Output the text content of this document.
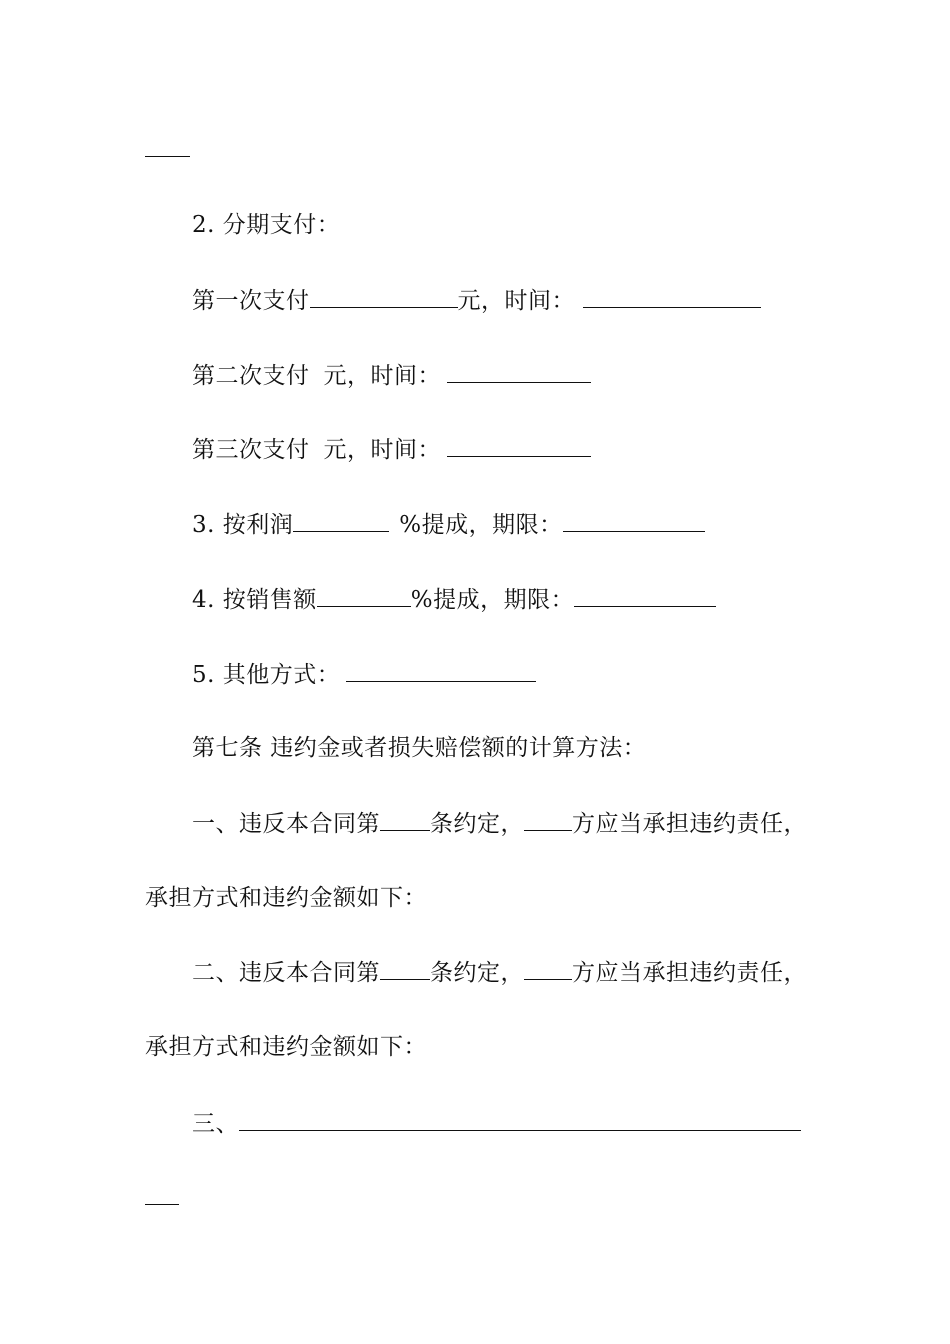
2. 分期支付：
第一次支付	元，时间：
第二次支付 元，时间：
第三次支付 元，时间：
3. 按利润	%提成，期限：
4. 按销售额	%提成，期限：
5. 其他方式：
第七条 违约金或者损失赔偿额的计算方法：
一、违反本合同第 条约定， 方应当承担违约责任，
承担方式和违约金额如下：
二、违反本合同第 条约定， 方应当承担违约责任，
承担方式和违约金额如下：
三、
